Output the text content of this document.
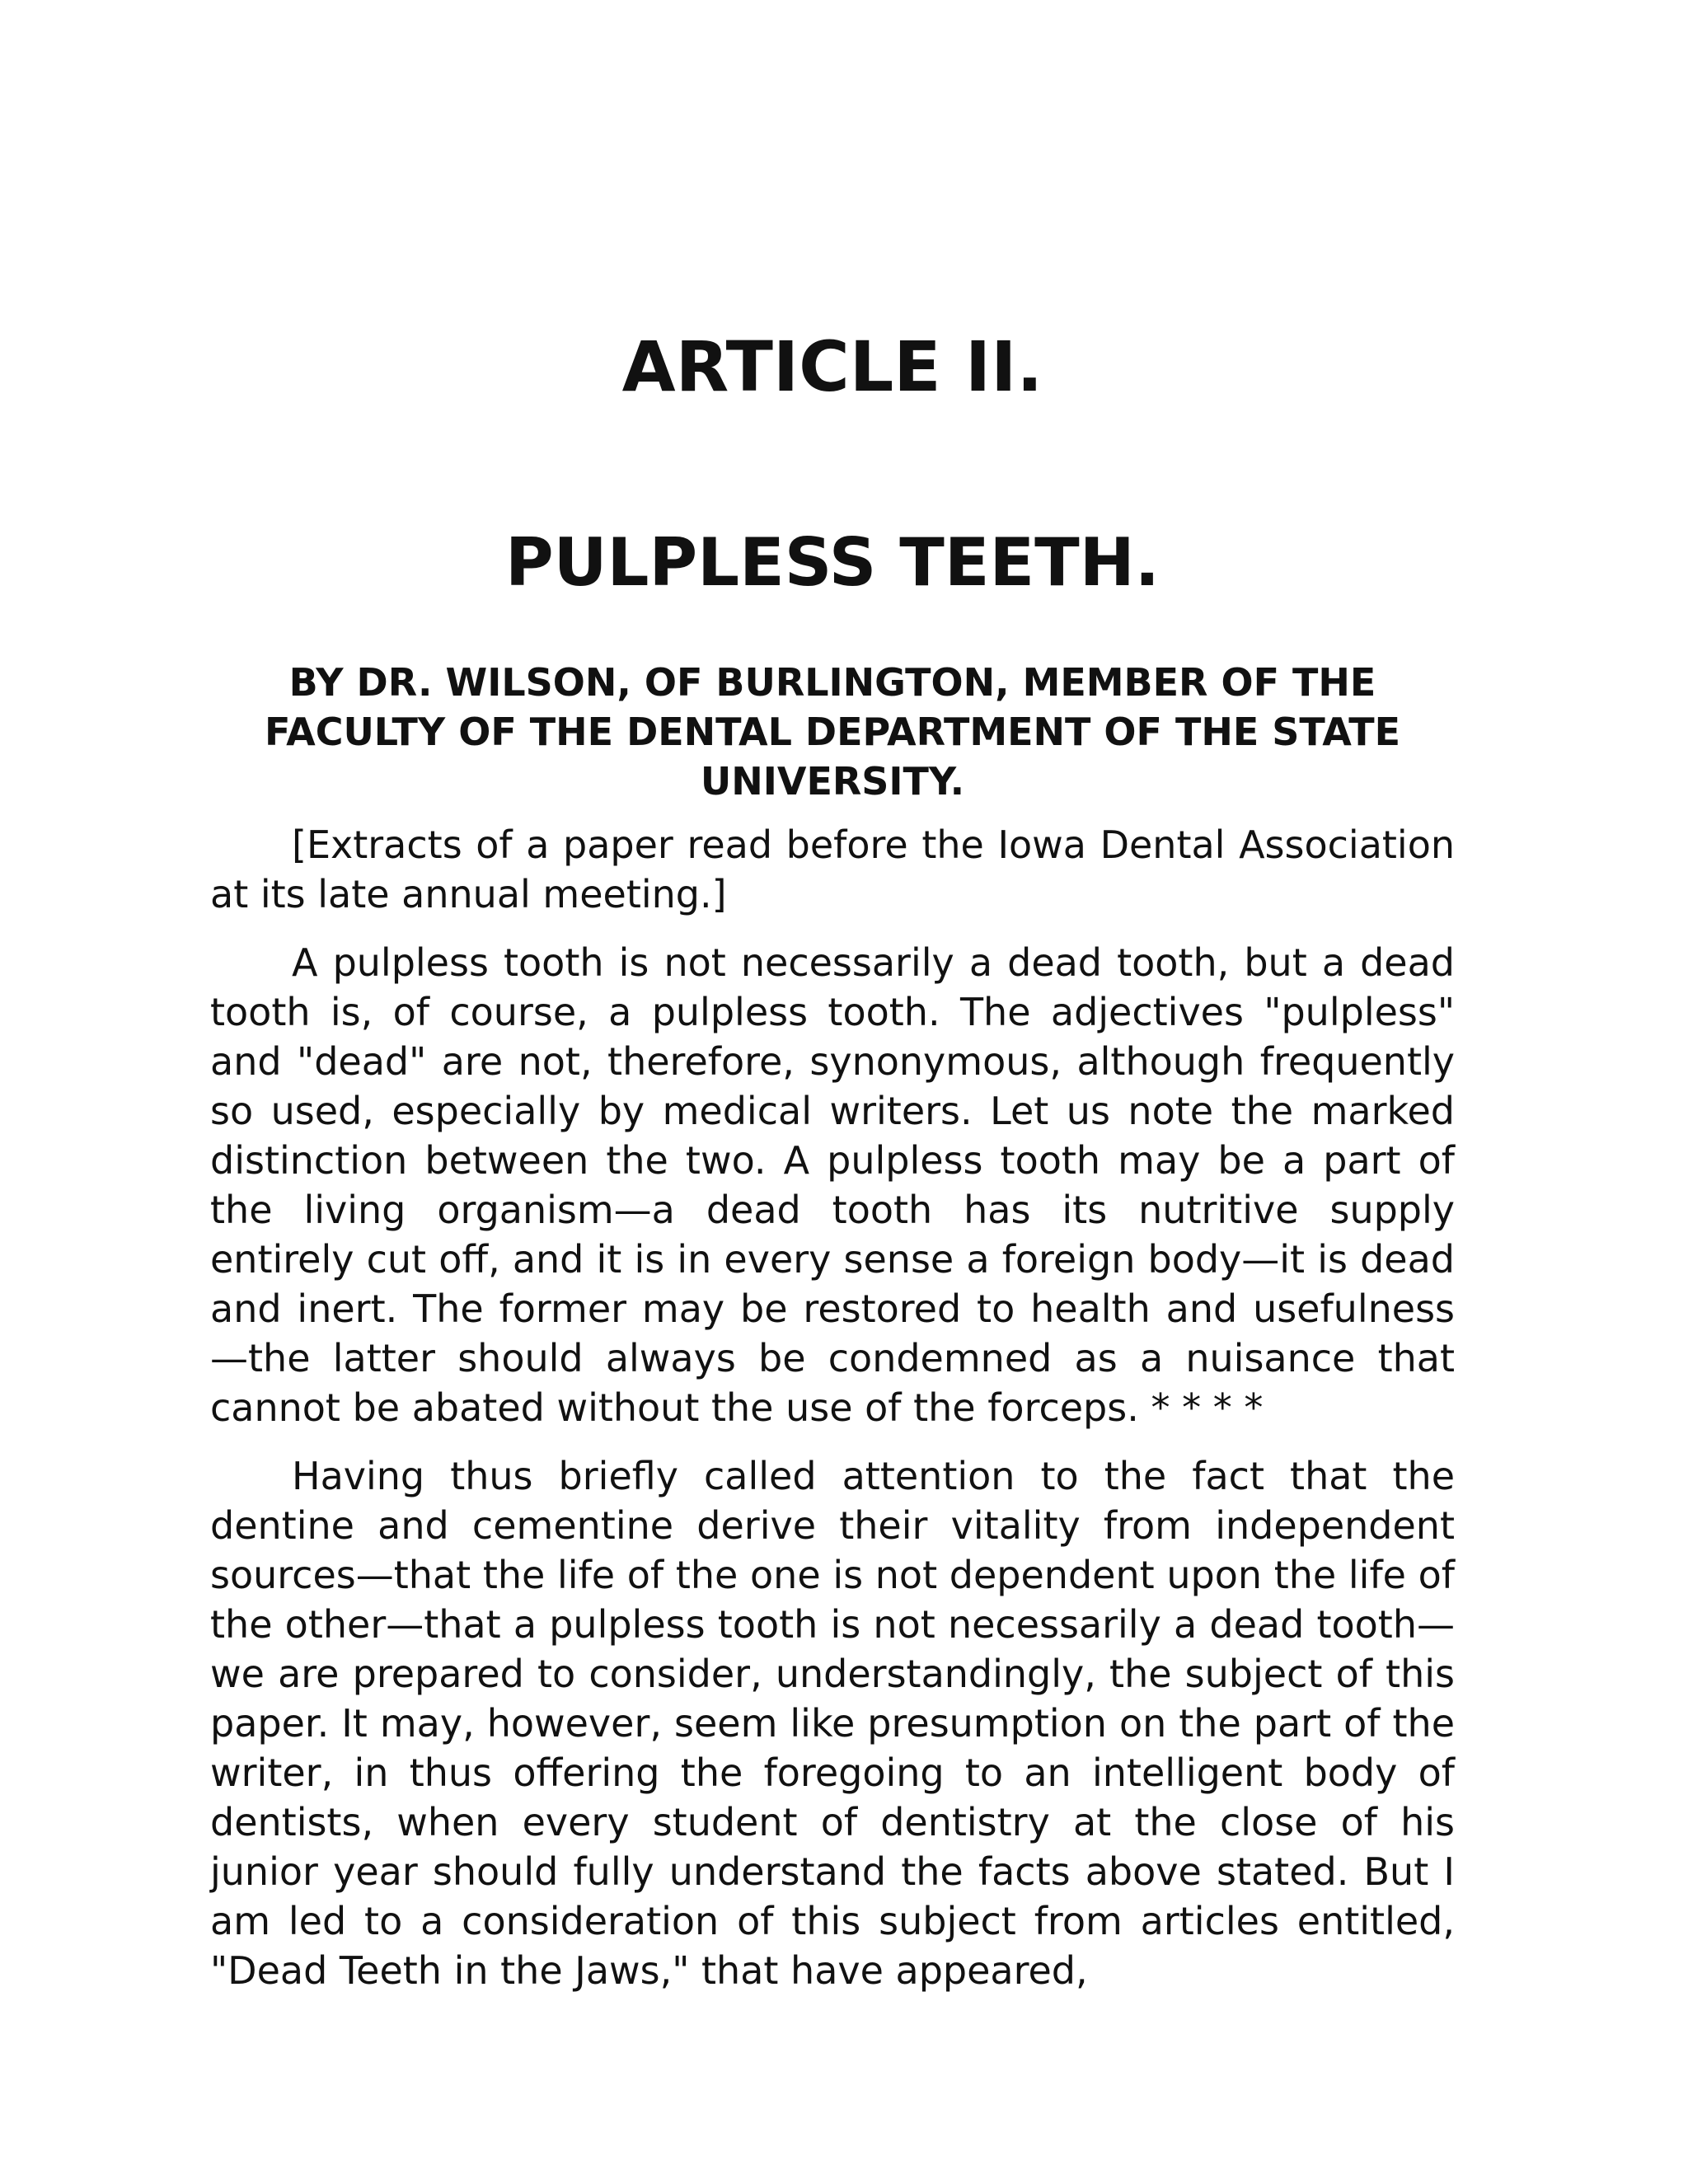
ARTICLE II.
PULPLESS TEETH.
BY DR. WILSON, OF BURLINGTON, MEMBER OF THE FACULTY OF THE DENTAL DEPARTMENT OF THE STATE UNIVERSITY.

[Extracts of a paper read before the Iowa Dental Association at its late annual meeting.]

A pulpless tooth is not necessarily a dead tooth, but a dead tooth is, of course, a pulpless tooth. The adjectives "pulpless" and "dead" are not, therefore, synonymous, although frequently so used, especially by medical writers. Let us note the marked distinction between the two. A pulpless tooth may be a part of the living organism—a dead tooth has its nutritive supply entirely cut off, and it is in every sense a foreign body—it is dead and inert. The former may be restored to health and usefulness—the latter should always be condemned as a nuisance that cannot be abated without the use of the forceps. * * * *

Having thus briefly called attention to the fact that the dentine and cementine derive their vitality from independent sources—that the life of the one is not dependent upon the life of the other—that a pulpless tooth is not necessarily a dead tooth—we are prepared to consider, understandingly, the subject of this paper. It may, however, seem like presumption on the part of the writer, in thus offering the foregoing to an intelligent body of dentists, when every student of dentistry at the close of his junior year should fully understand the facts above stated. But I am led to a consideration of this subject from articles entitled, "Dead Teeth in the Jaws," that have appeared,
